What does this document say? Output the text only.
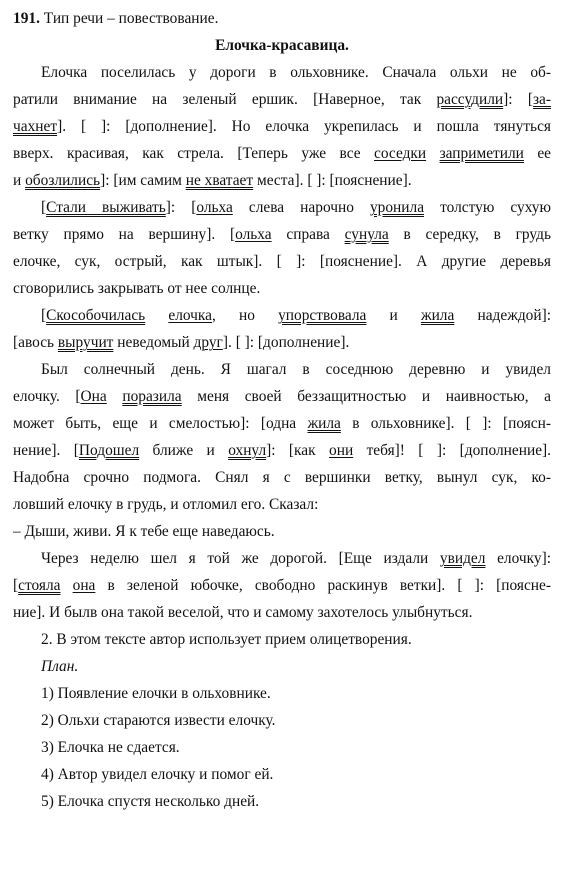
191. Тип речи – повествование.
Елочка-красавица.
Елочка поселилась у дороги в ольховнике. Сначала ольхи не об-
ратили внимание на зеленый ершик. [Наверное, так рассудили]: [за-
чахнет]. [ ]: [дополнение]. Но елочка укрепилась и пошла тянуться
вверх. красивая, как стрела. [Теперь уже все соседки заприметили ее
и обозлились]: [им самим не хватает места]. [ ]: [пояснение].
[Стали выживать]: [ольха слева нарочно уронила толстую сухую
ветку прямо на вершину]. [ольха справа сунула в середку, в грудь
елочке, сук, острый, как штык]. [ ]: [пояснение]. А другие деревья
сговорились закрывать от нее солнце.
[Скособочилась елочка, но упорствовала и жила надеждой]:
[авось выручит неведомый друг]. [ ]: [дополнение].
Был солнечный день. Я шагал в соседнюю деревню и увидел
елочку. [Она поразила меня своей беззащитностью и наивностью, а
может быть, еще и смелостью]: [одна жила в ольховнике]. [ ]: [поясн-
нение]. [Подошел ближе и охнул]: [как они тебя]! [ ]: [дополнение].
Надобна срочно подмога. Снял я с вершинки ветку, вынул сук, ко-
ловший елочку в грудь, и отломил его. Сказал:
– Дыши, живи. Я к тебе еще наведаюсь.
Через неделю шел я той же дорогой. [Еще издали увидел елочку]:
[стояла она в зеленой юбочке, свободно раскинув ветки]. [ ]: [поясне-
ние]. И былв она такой веселой, что и самому захотелось улыбнуться.
2. В этом тексте автор использует прием олицетворения.
План.
1) Появление елочки в ольховнике.
2) Ольхи стараются извести елочку.
3) Елочка не сдается.
4) Автор увидел елочку и помог ей.
5) Елочка спустя несколько дней.
